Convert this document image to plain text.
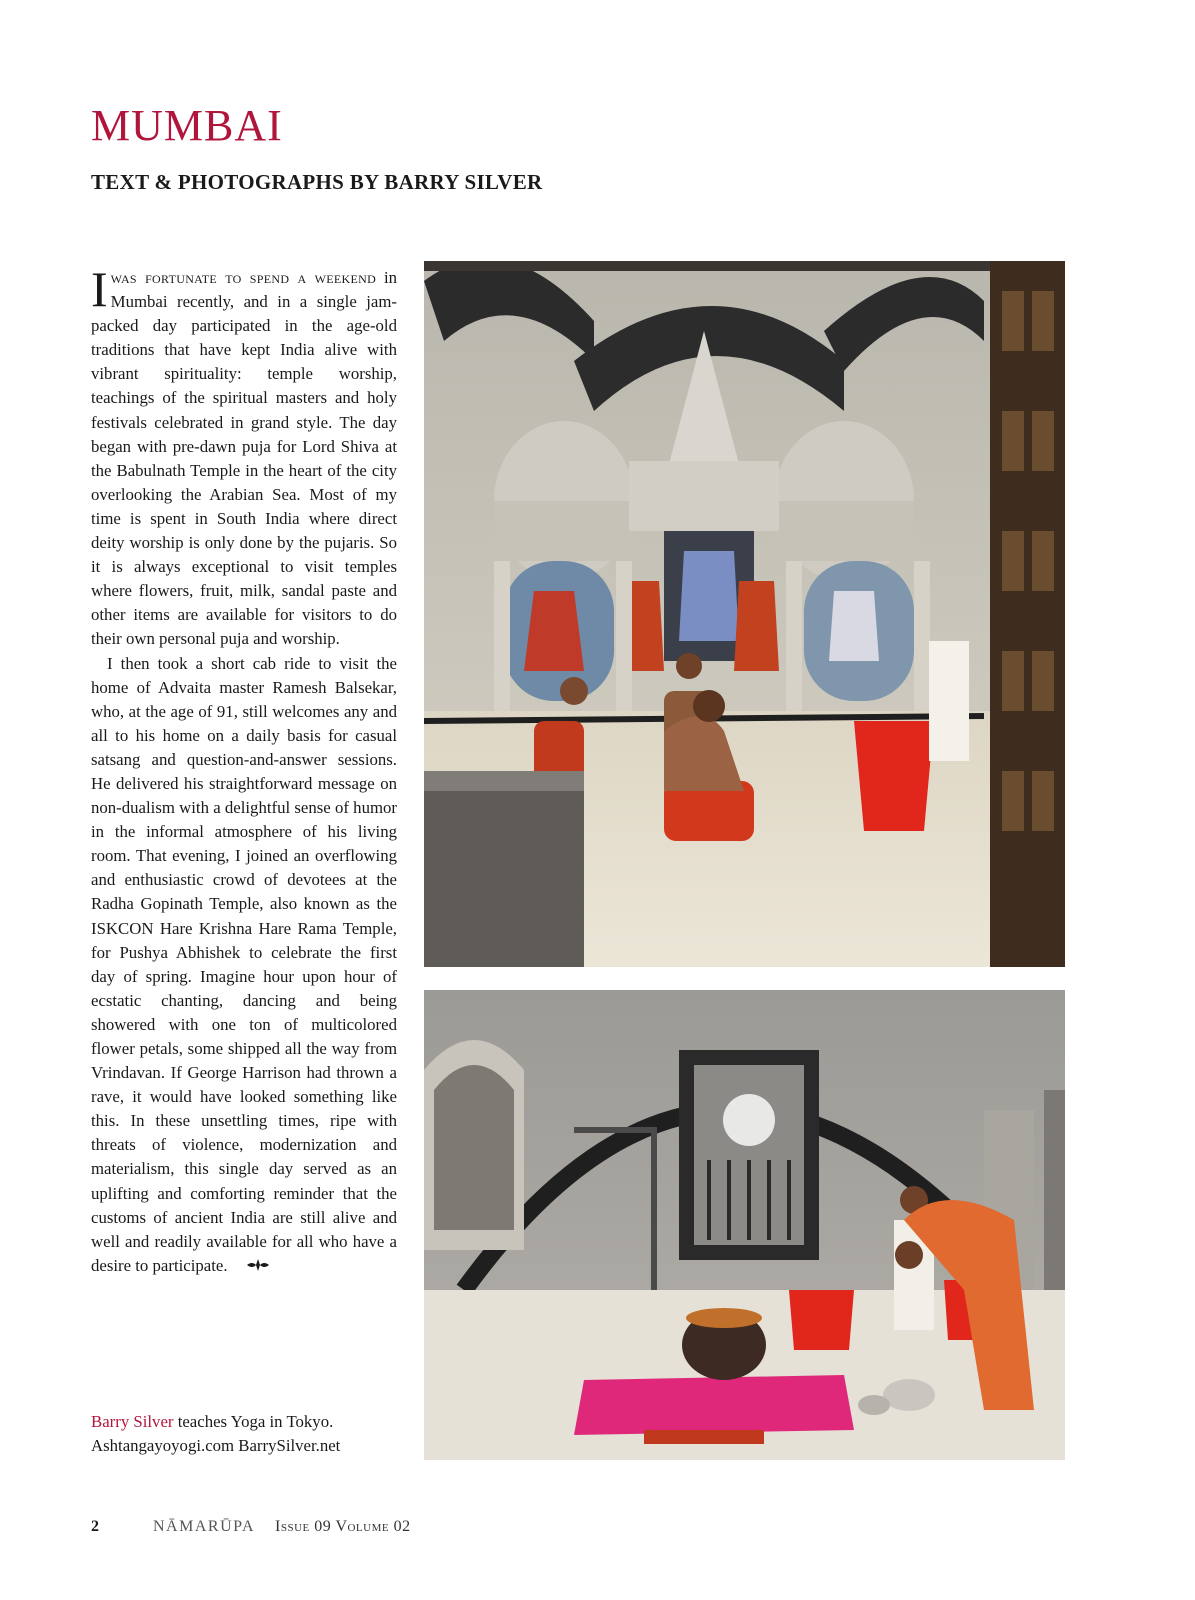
MUMBAI
TEXT & PHOTOGRAPHS BY BARRY SILVER

Iwas fortunate to spend a weekend in Mumbai recently, and in a single jam-packed day participated in the age-old traditions that have kept India alive with vibrant spirituality: temple worship, teachings of the spiritual masters and holy festivals celebrated in grand style. The day began with pre-dawn puja for Lord Shiva at the Babulnath Temple in the heart of the city overlooking the Arabian Sea. Most of my time is spent in South India where direct deity worship is only done by the pujaris. So it is always exceptional to visit temples where flowers, fruit, milk, sandal paste and other items are available for visitors to do their own personal puja and worship.

I then took a short cab ride to visit the home of Advaita master Ramesh Balsekar, who, at the age of 91, still welcomes any and all to his home on a daily basis for casual satsang and question-and-answer sessions. He delivered his straightforward message on non-dualism with a delightful sense of humor in the informal atmosphere of his living room. That evening, I joined an overflowing and enthusiastic crowd of devotees at the Radha Gopinath Temple, also known as the ISKCON Hare Krishna Hare Rama Temple, for Pushya Abhishek to celebrate the first day of spring. Imagine hour upon hour of ecstatic chanting, dancing and being showered with one ton of multicolored flower petals, some shipped all the way from Vrindavan. If George Harrison had thrown a rave, it would have looked something like this. In these unsettling times, ripe with threats of violence, modernization and materialism, this single day served as an uplifting and comforting reminder that the customs of ancient India are still alive and well and readily available for all who have a desire to participate.

Barry Silver teaches Yoga in Tokyo.
Ashtangayoyogi.com BarrySilver.net
2	NĀMARŪPA Issue 09 Volume 02
